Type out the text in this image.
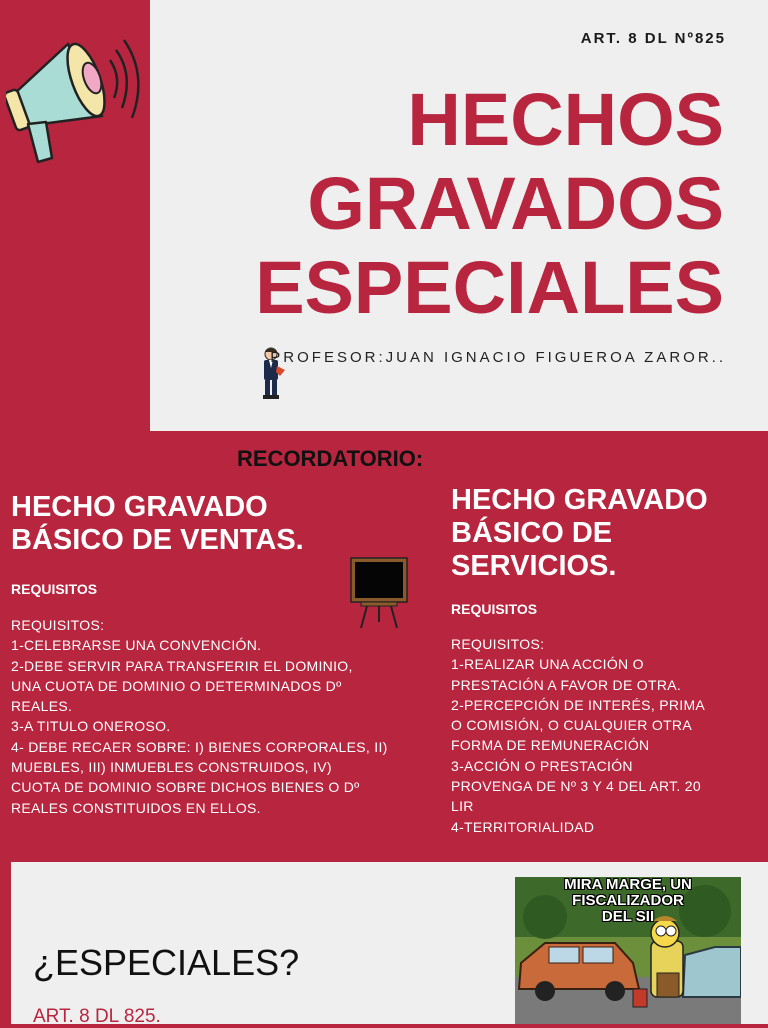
ART. 8 DL Nº825
HECHOS
GRAVADOS
ESPECIALES
PROFESOR:JUAN IGNACIO FIGUEROA ZAROR..
RECORDATORIO:
HECHO GRAVADO
BÁSICO DE VENTAS.
REQUISITOS
REQUISITOS:
1-CELEBRARSE UNA CONVENCIÓN.
2-DEBE SERVIR PARA TRANSFERIR EL DOMINIO,
UNA CUOTA DE DOMINIO O DETERMINADOS Dº
REALES.
3-A TITULO ONEROSO.
4- DEBE RECAER SOBRE: I) BIENES CORPORALES, II)
MUEBLES, III) INMUEBLES CONSTRUIDOS, IV)
CUOTA DE DOMINIO SOBRE DICHOS BIENES O Dº
REALES CONSTITUIDOS EN ELLOS.
HECHO GRAVADO
BÁSICO DE
SERVICIOS.
REQUISITOS
REQUISITOS:
1-REALIZAR UNA ACCIÓN O
PRESTACIÓN A FAVOR DE OTRA.
2-PERCEPCIÓN DE INTERÉS, PRIMA
O COMISIÓN, O CUALQUIER OTRA
FORMA DE REMUNERACIÓN
3-ACCIÓN O PRESTACIÓN
PROVENGA DE Nº 3 Y 4 DEL ART. 20
LIR
4-TERRITORIALIDAD
¿ESPECIALES?
ART. 8 DL 825.
MIRA MARGE, UN FISCALIZADOR
DEL SII
